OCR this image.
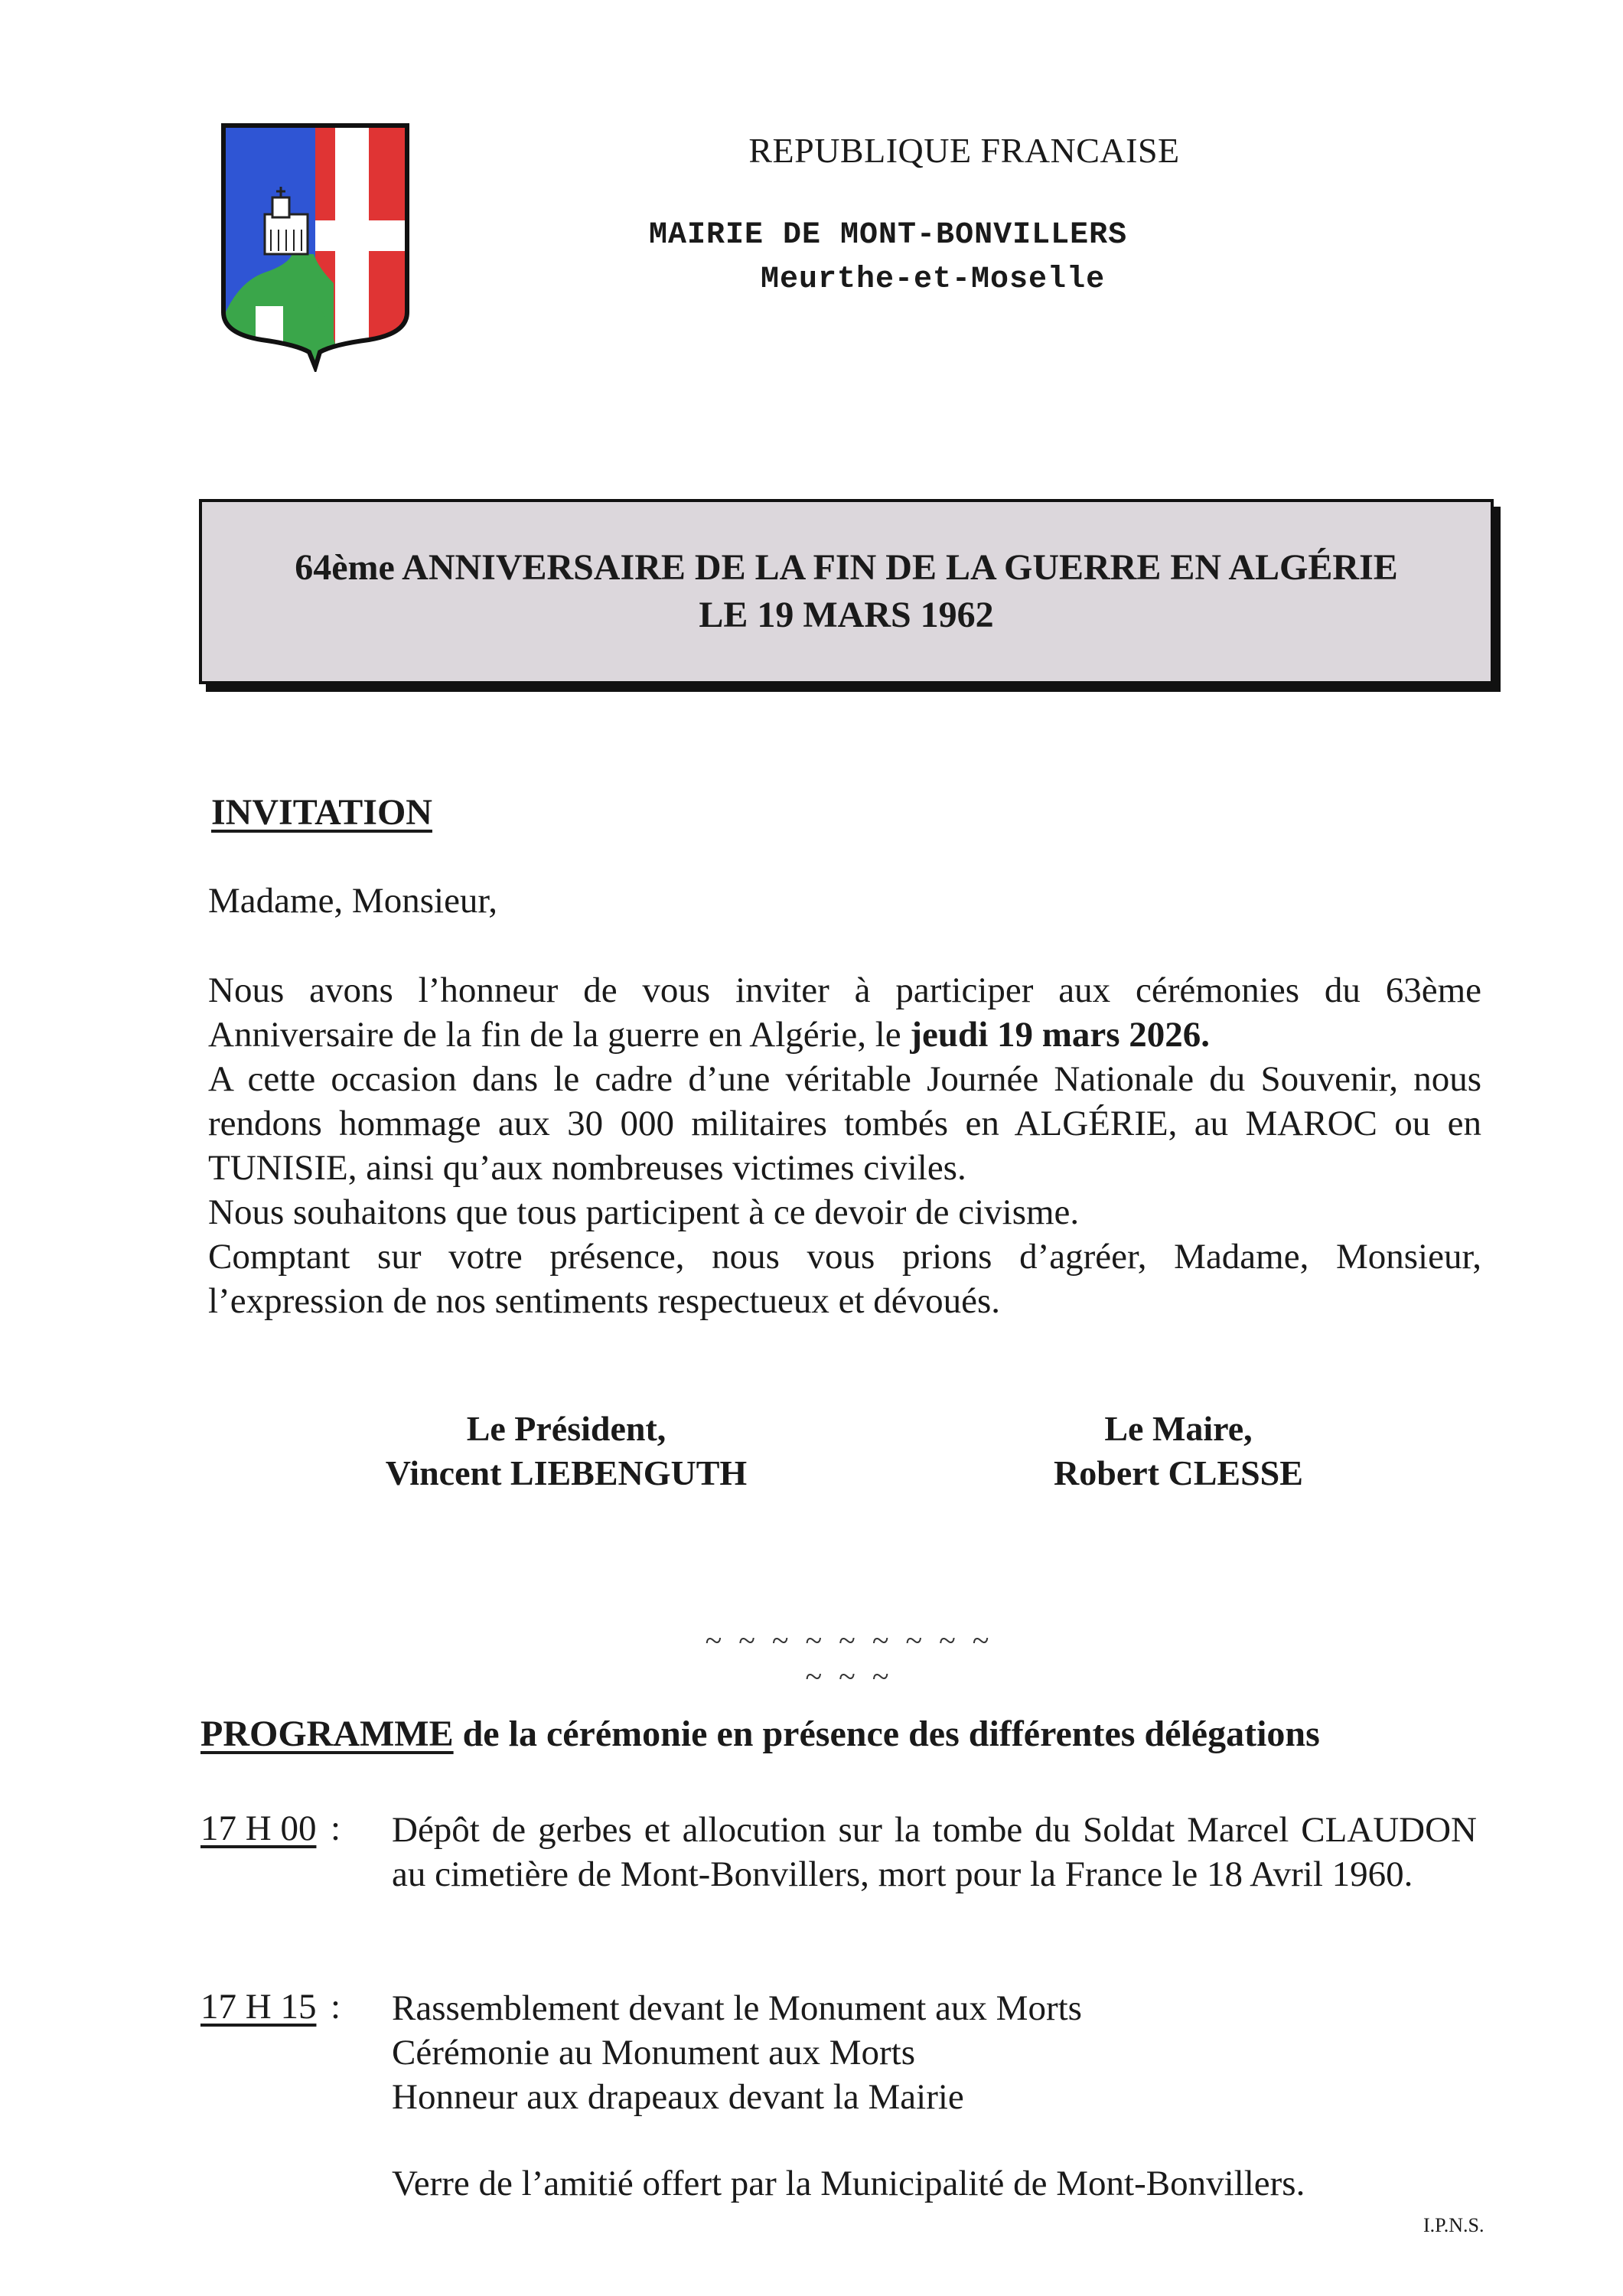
REPUBLIQUE FRANCAISE
MAIRIE DE MONT-BONVILLERS
Meurthe-et-Moselle
64ème ANNIVERSAIRE DE LA FIN DE LA GUERRE EN ALGÉRIE
LE 19 MARS 1962
INVITATION
Madame, Monsieur,

Nous avons l’honneur de vous inviter à participer aux cérémonies du 63ème Anniversaire de la fin de la guerre en Algérie, le jeudi 19 mars 2026.

A cette occasion dans le cadre d’une véritable Journée Nationale du Souvenir, nous rendons hommage aux 30 000 militaires tombés en ALGÉRIE, au MAROC ou en TUNISIE, ainsi qu’aux nombreuses victimes civiles.

Nous souhaitons que tous participent à ce devoir de civisme.

Comptant sur votre présence, nous vous prions d’agréer, Madame, Monsieur, l’expression de nos sentiments respectueux et dévoués.

Le Président,
Vincent LIEBENGUTH
Le Maire,
Robert CLESSE
~ ~ ~ ~ ~ ~ ~ ~ ~ ~ ~ ~
PROGRAMME de la cérémonie en présence des différentes délégations
17 H 00 : Dépôt de gerbes et allocution sur la tombe du Soldat Marcel CLAUDON au cimetière de Mont-Bonvillers, mort pour la France le 18 Avril 1960.

17 H 15 : Rassemblement devant le Monument aux Morts

Cérémonie au Monument aux Morts

Honneur aux drapeaux devant la Mairie

Verre de l’amitié offert par la Municipalité de Mont-Bonvillers.
I.P.N.S.
